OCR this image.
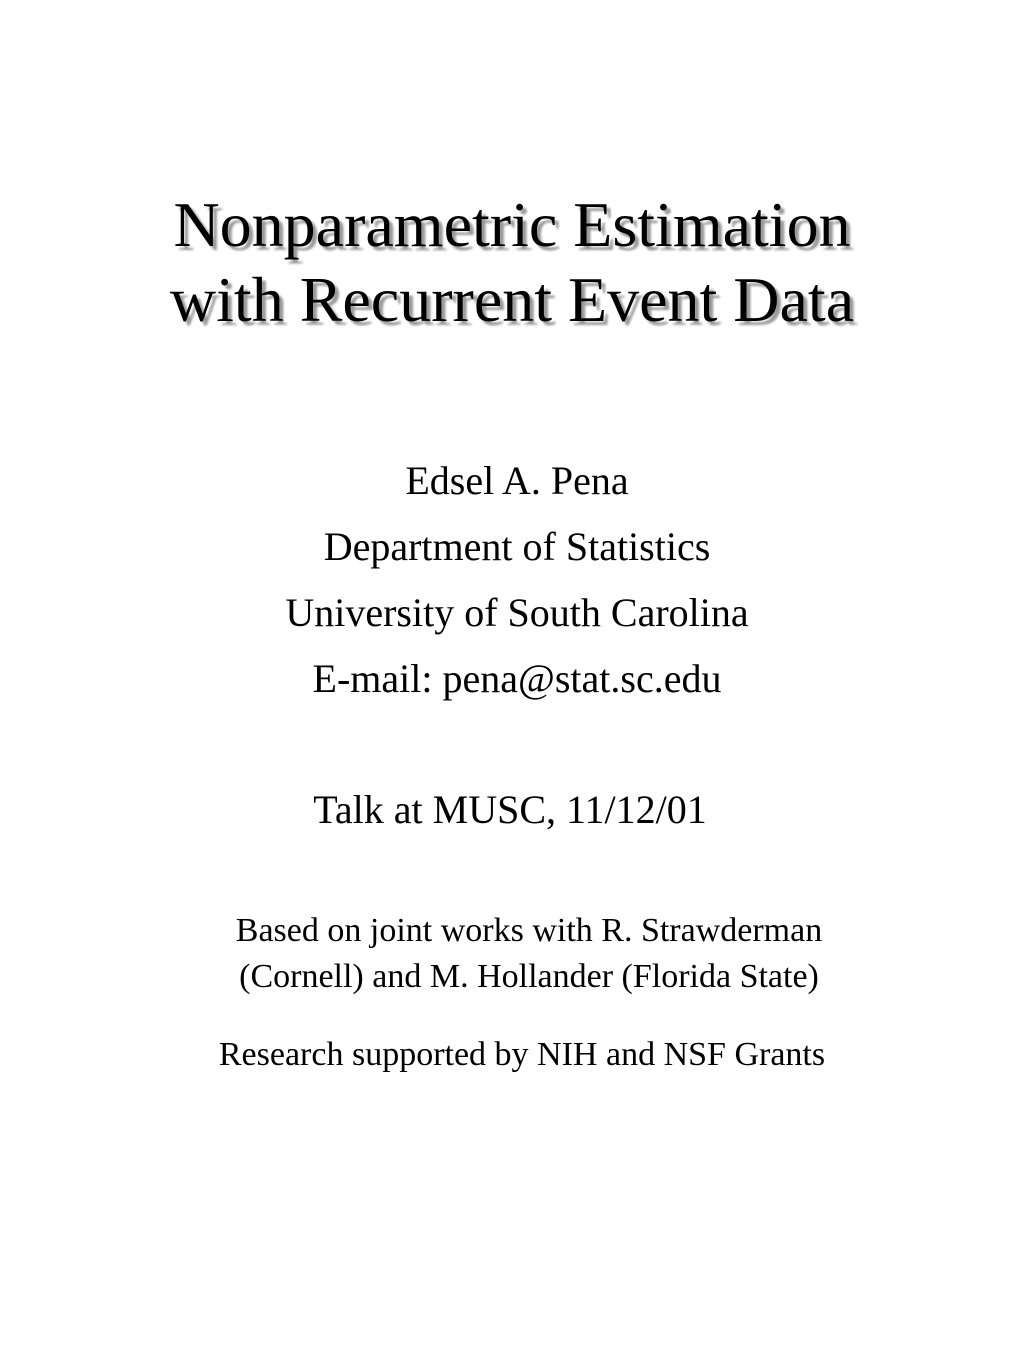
Nonparametric Estimation
with Recurrent Event Data
Edsel A. Pena
Department of Statistics
University of South Carolina
E-mail: pena@stat.sc.edu
Talk at MUSC, 11/12/01
Based on joint works with R. Strawderman
(Cornell) and M. Hollander (Florida State)
Research supported by NIH and NSF Grants
